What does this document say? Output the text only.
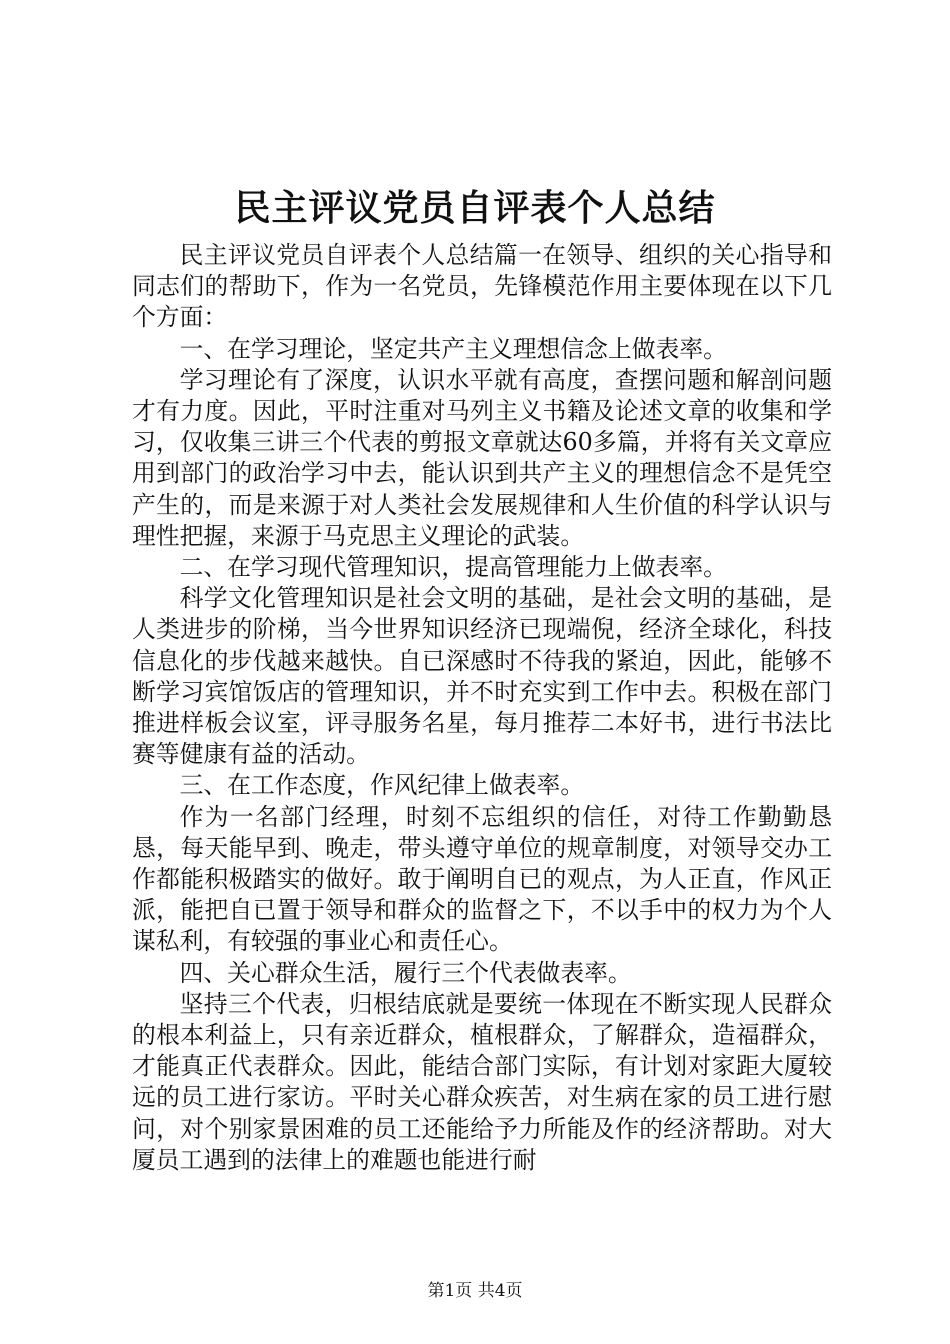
民主评议党员自评表个人总结

民主评议党员自评表个人总结篇一在领导、组织的关心指导和同志们的帮助下，作为一名党员，先锋模范作用主要体现在以下几个方面：

一、在学习理论，坚定共产主义理想信念上做表率。

学习理论有了深度，认识水平就有高度，查摆问题和解剖问题才有力度。因此，平时注重对马列主义书籍及论述文章的收集和学习，仅收集三讲三个代表的剪报文章就达60多篇，并将有关文章应用到部门的政治学习中去，能认识到共产主义的理想信念不是凭空产生的，而是来源于对人类社会发展规律和人生价值的科学认识与理性把握，来源于马克思主义理论的武装。

二、在学习现代管理知识，提高管理能力上做表率。

科学文化管理知识是社会文明的基础，是社会文明的基础，是人类进步的阶梯，当今世界知识经济已现端倪，经济全球化，科技信息化的步伐越来越快。自已深感时不待我的紧迫，因此，能够不断学习宾馆饭店的管理知识，并不时充实到工作中去。积极在部门推进样板会议室，评寻服务名星，每月推荐二本好书，进行书法比赛等健康有益的活动。

三、在工作态度，作风纪律上做表率。

作为一名部门经理，时刻不忘组织的信任，对待工作勤勤恳恳，每天能早到、晚走，带头遵守单位的规章制度，对领导交办工作都能积极踏实的做好。敢于阐明自已的观点，为人正直，作风正派，能把自已置于领导和群众的监督之下，不以手中的权力为个人谋私利，有较强的事业心和责任心。

四、关心群众生活，履行三个代表做表率。

坚持三个代表，归根结底就是要统一体现在不断实现人民群众的根本利益上，只有亲近群众，植根群众，了解群众，造福群众，才能真正代表群众。因此，能结合部门实际，有计划对家距大厦较远的员工进行家访。平时关心群众疾苦，对生病在家的员工进行慰问，对个别家景困难的员工还能给予力所能及作的经济帮助。对大厦员工遇到的法律上的难题也能进行耐

第1页 共4页
